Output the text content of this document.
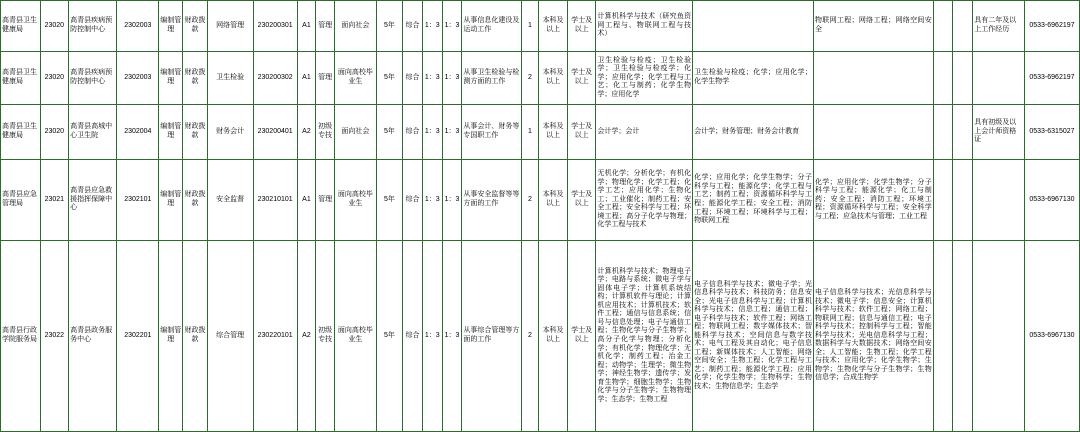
高青县卫生健康局	23020	高青县疾病预防控制中心	2302003	编制管理	财政拨款	网络管理	230200301	A1	管理	面向社会	5年	综合	1：3	1：3	从事信息化建设及运动工作	1	本科及以上	学士及以上	计算机科学与技术（研究鱼资网工程与、物联网工程与技术）		物联网工程；网络工程；网络空间安全			具有二年及以上工作经历	0533-6962197
高青县卫生健康局	23020	高青县疾病预防控制中心	2302003	编制管理	财政拨款	卫生检验	230200302	A1	管理	面向高校毕业生	5年	综合	1：3	1：3	从事卫生检验与检测方面的工作	2	本科及以上	学士及以上	卫生检验与检疫；卫生检验学；卫生检验与检疫学；化学；应用化学；化学工程与工艺；化工与制药；化学生物学；应用化学	卫生检验与检疫；化学；应用化学；化学生物学					0533-6962197
高青县卫生健康局	23020	高青县高城中心卫生院	2302004	编制管理	财政拨款	财务会计	230200401	A2	初级专技	面向社会	5年	综合	1：3	1：3	从事会计、财务等专国职工作	1	本科及以上	学士及以上	会计学；会计	会计学；财务管理；财务会计教育				具有初级及以上会计师资格证	0533-6315027
高青县应急管理局	23021	高青县应急救援指挥保障中心	2302101	编制管理	财政拨款	安全监督	230210101	A1	管理	面向高校毕业生	5年	综合	1：3	1：3	从事安全监督等等方面的工作	2	本科及以上	学士及以上	无机化学；分析化学；有机化学；物理化学；化学工程；化学工艺；应用化学；生物化工；工业催化；制药工程；安全工程；安全科学与工程；环境工程；高分子化学与物理；化学工程与技术	化学；应用化学；化学生物学；分子科学与工程；能源化学；化学工程与工艺；制药工程；资源循环科学与工程；能源化学工程；安全工程；消防工程；环境工程；环境科学与工程；物联网工程	化学；应用化学；化学生物学；分子科学与工程；能源化学；化工与制药；安全工程；消防工程；环境工程；资源循环科学与工程；安全科学与工程；应急技术与管理；工业工程				0533-6967130
高青县行政学院服务局	23022	高青县政务服务中心	2302201	编制管理	财政拨款	综合管理	230220101	A2	初级专技	面向高校毕业生	5年	综合	1：3	1：3	从事综合管理等方面的工作	2	本科及以上	学士及以上	计算机科学与技术；物理电子学；电路与系统；微电子学与固体电子学；计算机系统结构；计算机软件与理论；计算机应用技术；计算机技术；软件工程；通信与信息系统；信号与信息处理；电子与通信工程；生物化学与分子生物学；高分子化学与物理；分析化学；有机化学；物理化学；无机化学；制药工程；治金工程；动物学；生理学；微生物学；神经生物学；遗传学；发育生物学；细胞生物学；生物化学与分子生物学；生物物理学；生态学；生物工程	电子信息科学与技术；微电子学；光信息科学与技术；科技防务；信息安全；光电子信息科学与工程；计算机科学与技术；信息工程；通信工程；电子科学与技术；软件工程；网络工程；物联网工程；数字媒体技术；智能科学与技术；空间信息与数字技术；电气工程及其自动化；电子信息工程；新媒体技术；人工智能；网络空间安全；生物工程；化学工程与工艺；制药工程；能源化学工程；应用化学；化学生物学；生物科学；生物技术；生物信息学；生态学	电子信息科学与技术；光信息科学与技术；微电子学；信息安全；计算机科学与技术；软件工程；网络工程；物联网工程；信息与通信工程；电子科学与技术；控制科学与工程；智能科学与技术；光电信息科学与工程；数据科学与大数据技术；网络空间安全；人工智能；生物工程；化学工程与技术；应用化学；化学生物学；生物学；生物化学与分子生物学；生物信息学；合成生物学				0533-6967130
